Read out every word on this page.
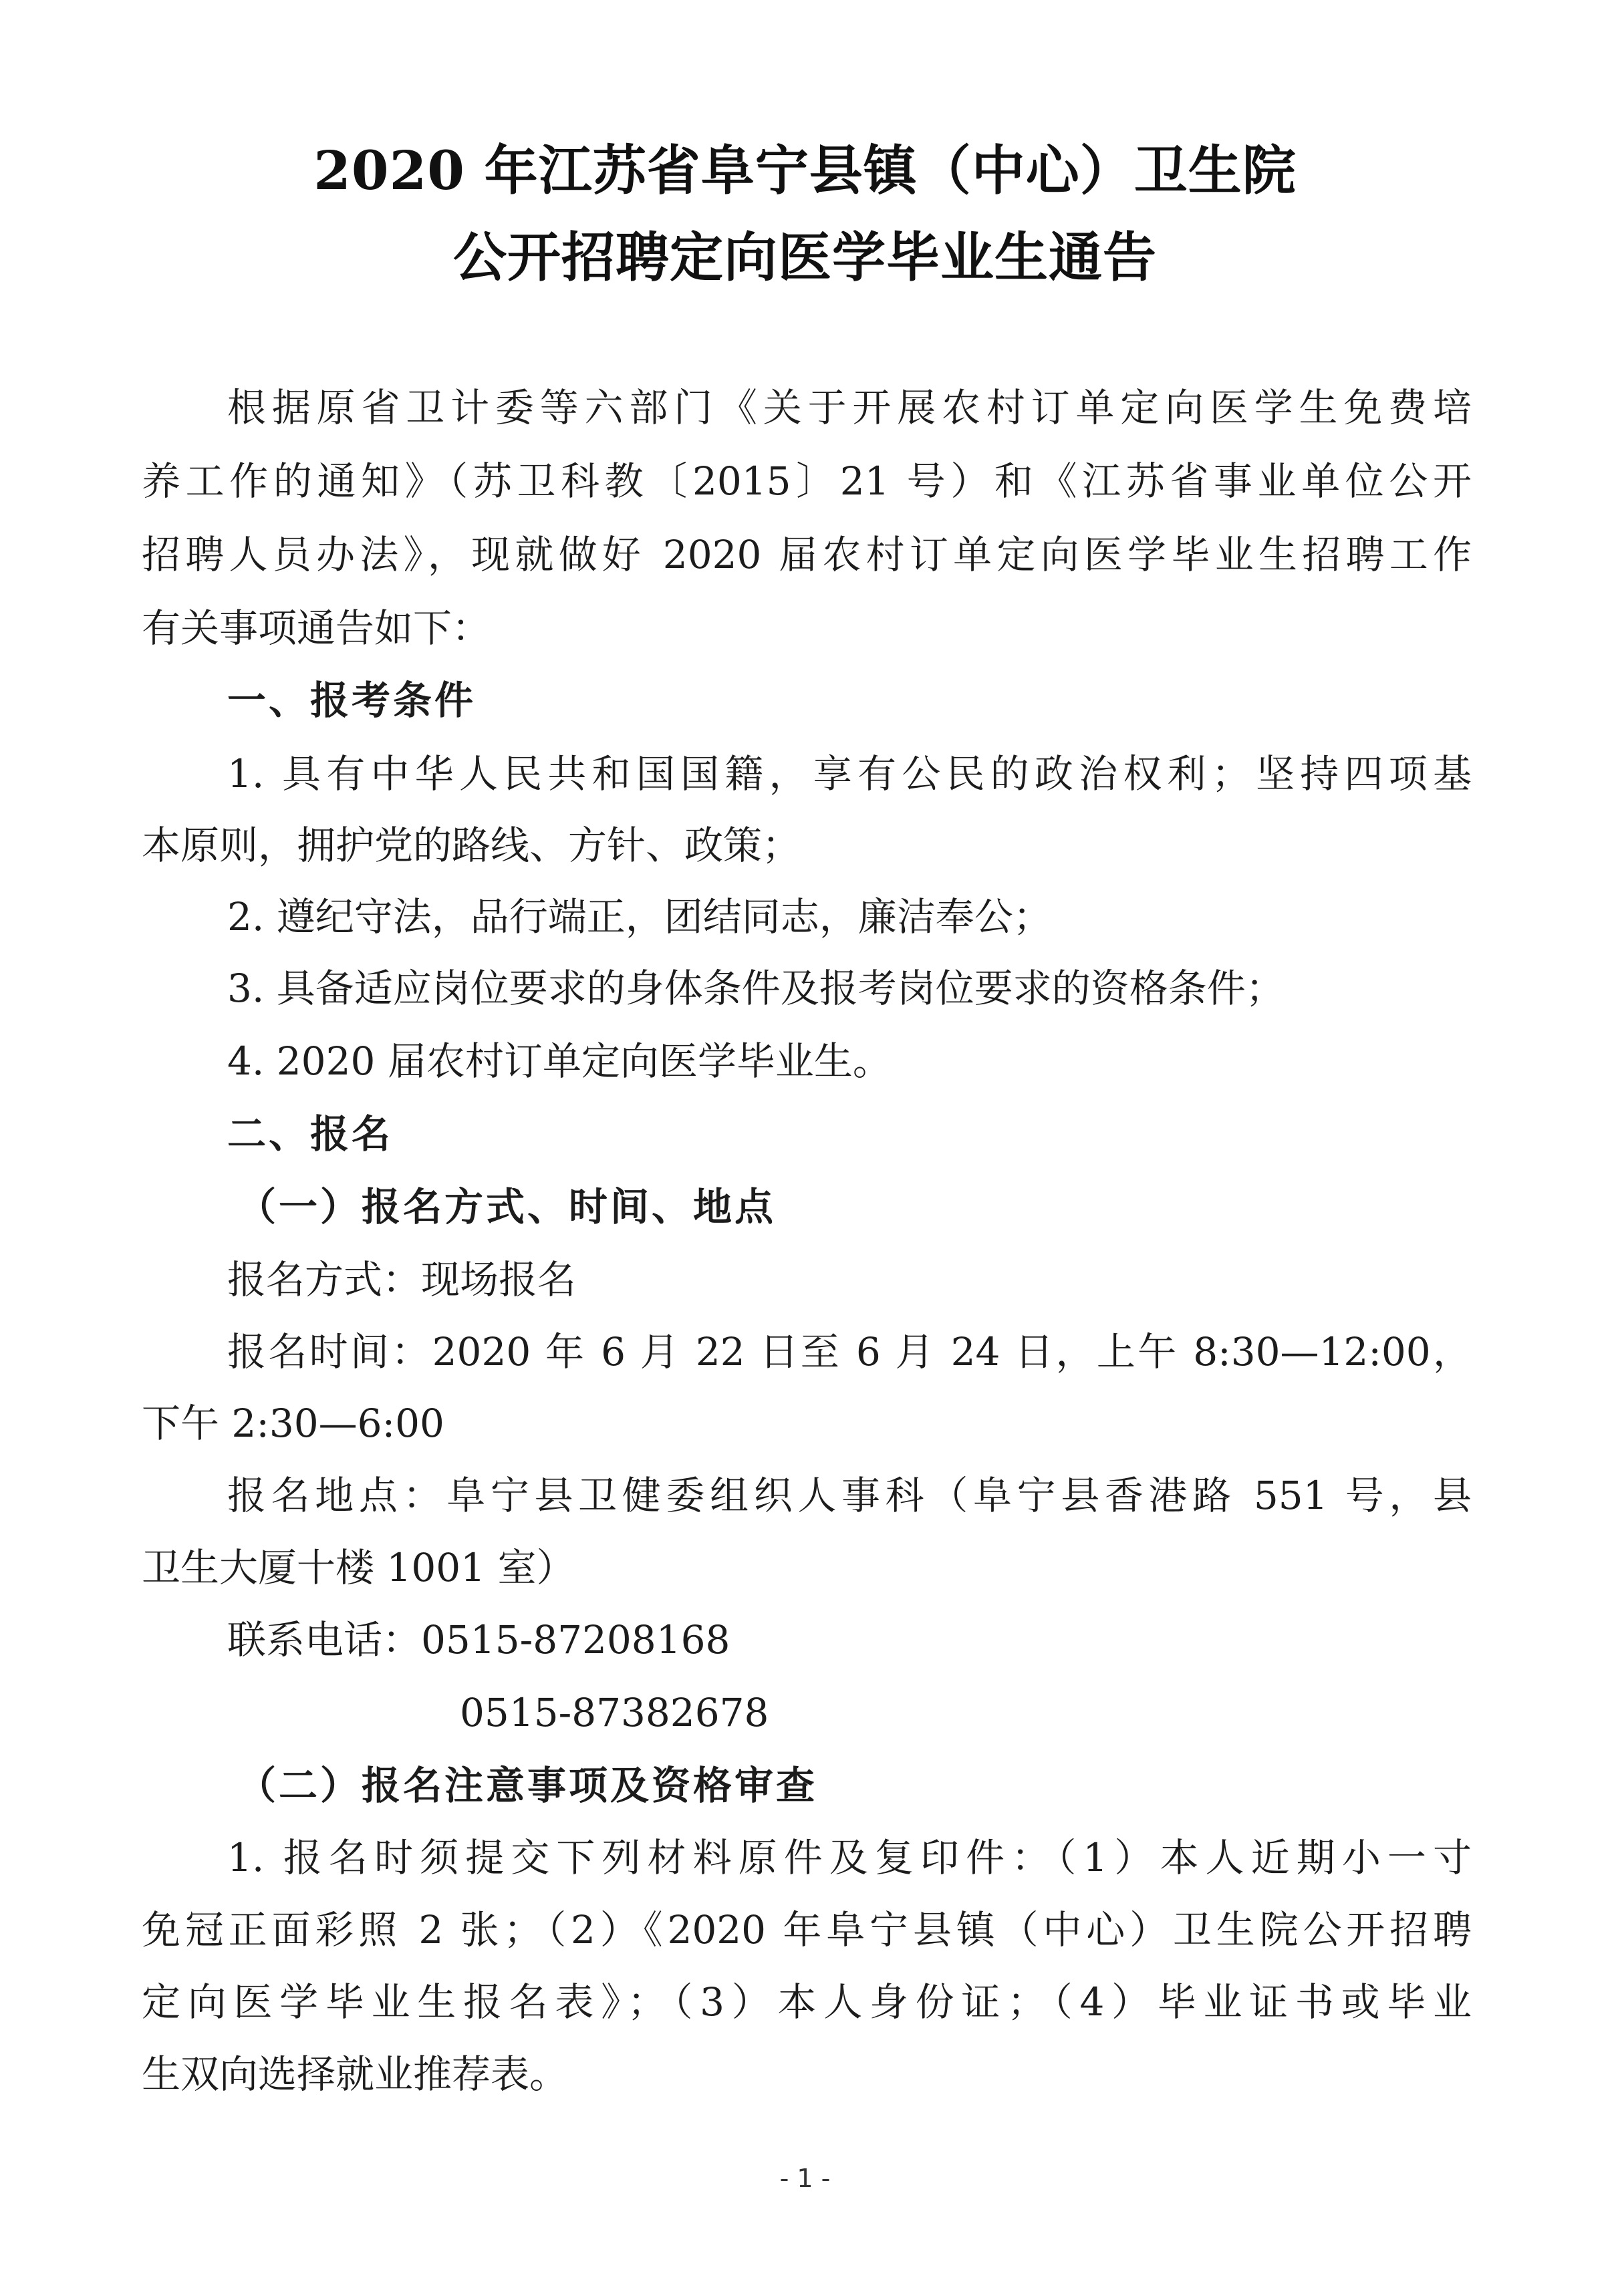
2020 年江苏省阜宁县镇（中心）卫生院
公开招聘定向医学毕业生通告
根据原省卫计委等六部门《关于开展农村订单定向医学生免费培
养工作的通知》（苏卫科教〔2015〕21 号）和《江苏省事业单位公开
招聘人员办法》，现就做好 2020 届农村订单定向医学毕业生招聘工作
有关事项通告如下：
一、报考条件
1. 具有中华人民共和国国籍，享有公民的政治权利；坚持四项基
本原则，拥护党的路线、方针、政策；
2. 遵纪守法，品行端正，团结同志，廉洁奉公；
3. 具备适应岗位要求的身体条件及报考岗位要求的资格条件；
4. 2020 届农村订单定向医学毕业生。
二、报名
（一）报名方式、时间、地点
报名方式：现场报名
报名时间：2020 年 6 月 22 日至 6 月 24 日，上午 8:30—12:00，
下午 2:30—6:00
报名地点：阜宁县卫健委组织人事科（阜宁县香港路 551 号，县
卫生大厦十楼 1001 室）
联系电话：0515-87208168
0515-87382678
（二）报名注意事项及资格审查
1. 报名时须提交下列材料原件及复印件：（1）本人近期小一寸
免冠正面彩照 2 张；（2）《2020 年阜宁县镇（中心）卫生院公开招聘
定向医学毕业生报名表》；（3）本人身份证；（4）毕业证书或毕业
生双向选择就业推荐表。
- 1 -
